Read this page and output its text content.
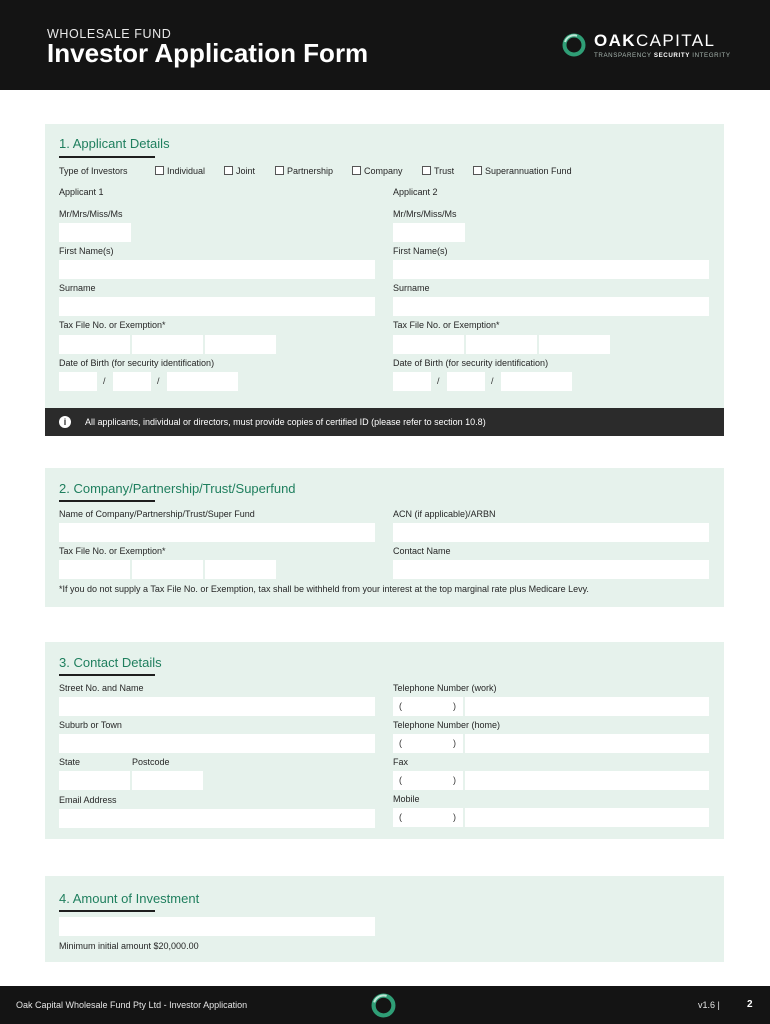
WHOLESALE FUND
Investor Application Form	OAKCAPITAL
TRANSPARENCY SECURITY INTEGRITY
1. Applicant Details
Type of Investors	Individual	Joint	Partnership	Company	Trust	Superannuation Fund
Applicant 1
Mr/Mrs/Miss/Ms
First Name(s)
Surname
Tax File No. or Exemption*
Date of Birth (for security identification)
/	/
Applicant 2
Mr/Mrs/Miss/Ms
First Name(s)
Surname
Tax File No. or Exemption*
Date of Birth (for security identification)
/	/
i	All applicants, individual or directors, must provide copies of certified ID (please refer to section 10.8)
2. Company/Partnership/Trust/Superfund
Name of Company/Partnership/Trust/Super Fund	ACN (if applicable)/ARBN
Tax File No. or Exemption*	Contact Name
*If you do not supply a Tax File No. or Exemption, tax shall be withheld from your interest at the top marginal rate plus Medicare Levy.
3. Contact Details
Street No. and Name
Suburb or Town
State	Postcode
Email Address
Telephone Number (work)
(	)
Telephone Number (home)
(	)
Fax
(	)
Mobile
(	)
4. Amount of Investment
Minimum initial amount $20,000.00
Oak Capital Wholesale Fund Pty Ltd - Investor Application	v1.6 |	2
